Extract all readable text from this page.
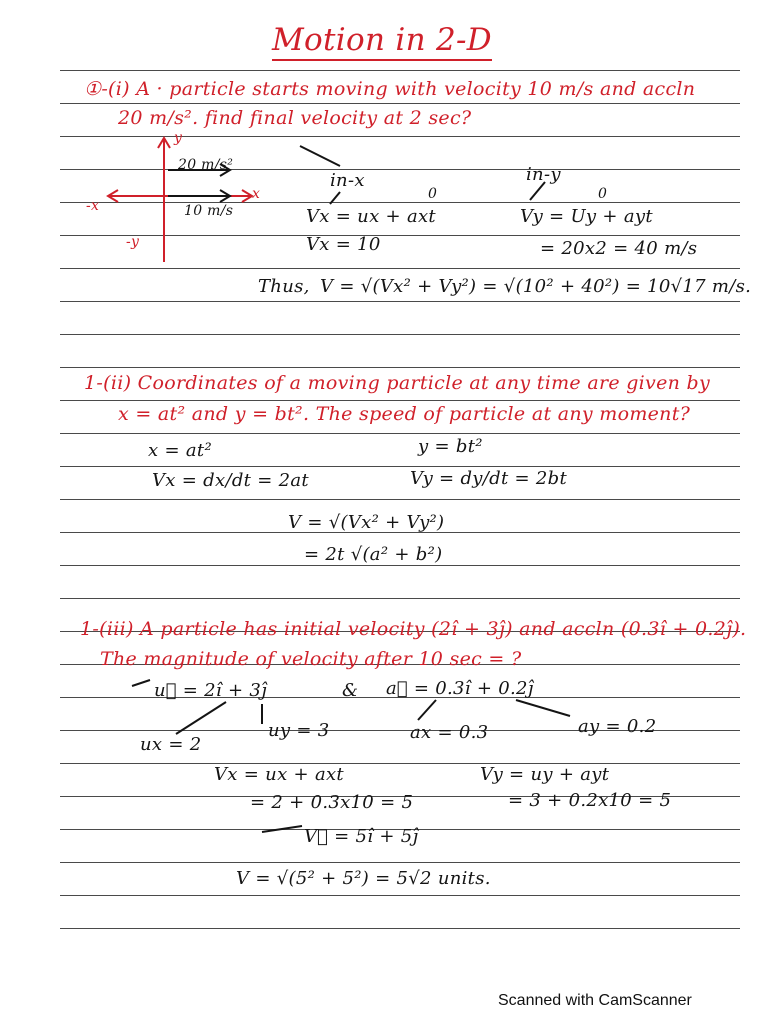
Motion in 2-D
①-(i) A · particle starts moving with velocity 10 m/s and accln
20 m/s². find final velocity at 2 sec?
20 m/s²
10 m/s
x
y
-x
-y
in-x
Vx = ux + axt
0
Vx = 10
in-y
Vy = Uy + ayt
0
= 20x2 = 40 m/s
Thus, V = √(Vx² + Vy²) = √(10² + 40²) = 10√17 m/s.
1-(ii) Coordinates of a moving particle at any time are given by
x = at² and y = bt². The speed of particle at any moment?
x = at²
Vx = dx/dt = 2at
y = bt²
Vy = dy/dt = 2bt
V = √(Vx² + Vy²)
= 2t √(a² + b²)
1-(iii) A particle has initial velocity (2î + 3ĵ) and accln (0.3î + 0.2ĵ).
The magnitude of velocity after 10 sec = ?
u⃗ = 2î + 3ĵ	& a⃗ = 0.3î + 0.2ĵ
uy = 3
ux = 2
ax = 0.3	ay = 0.2
Vx = ux + axt
= 2 + 0.3x10 = 5
Vy = uy + ayt
= 3 + 0.2x10 = 5
V⃗ = 5î + 5ĵ
V = √(5² + 5²) = 5√2 units.
Scanned with CamScanner
